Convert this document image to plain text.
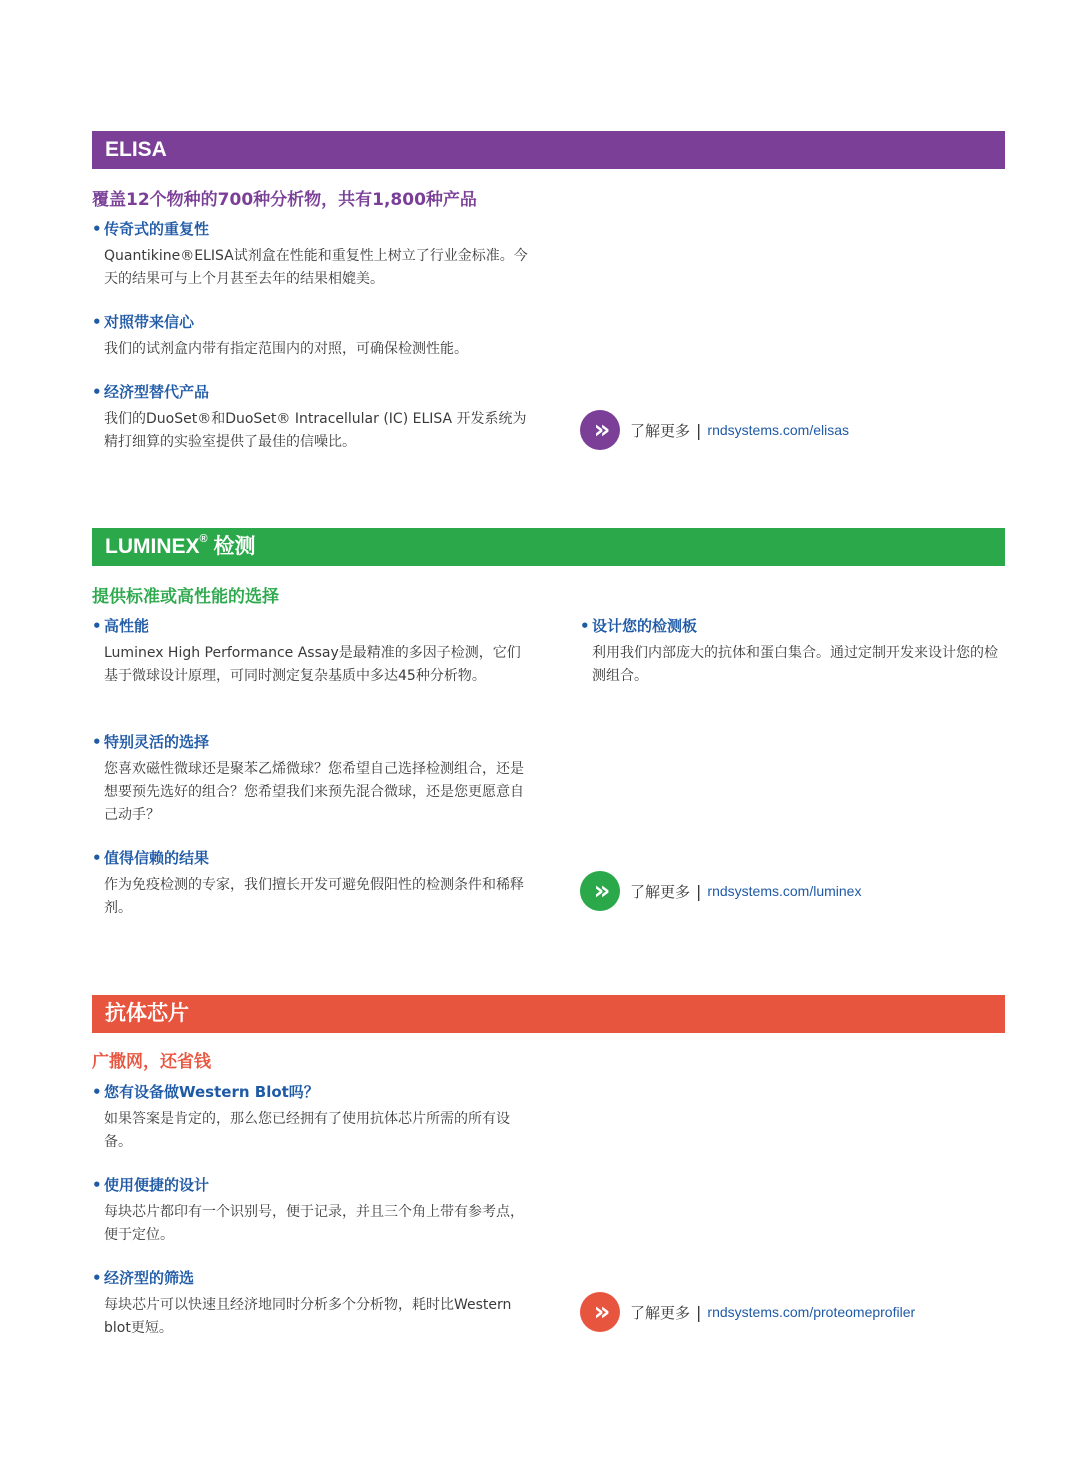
ELISA
覆盖12个物种的700种分析物，共有1,800种产品
• 传奇式的重复性
Quantikine®ELISA试剂盒在性能和重复性上树立了行业金标准。今天的结果可与上个月甚至去年的结果相媲美。
• 对照带来信心
我们的试剂盒内带有指定范围内的对照，可确保检测性能。
• 经济型替代产品
我们的DuoSet®和DuoSet® Intracellular (IC) ELISA 开发系统为精打细算的实验室提供了最佳的信噪比。	»	了解更多 | rndsystems.com/elisas
LUMINEX® 检测
提供标准或高性能的选择
• 高性能
Luminex High Performance Assay是最精准的多因子检测，它们基于微球设计原理，可同时测定复杂基质中多达45种分析物。
• 特别灵活的选择
您喜欢磁性微球还是聚苯乙烯微球？您希望自己选择检测组合，还是想要预先选好的组合？您希望我们来预先混合微球，还是您更愿意自己动手？
• 值得信赖的结果
作为免疫检测的专家，我们擅长开发可避免假阳性的检测条件和稀释剂。
• 设计您的检测板
利用我们内部庞大的抗体和蛋白集合。通过定制开发来设计您的检测组合。
»	了解更多 | rndsystems.com/luminex
抗体芯片
广撒网，还省钱
• 您有设备做Western Blot吗？
如果答案是肯定的，那么您已经拥有了使用抗体芯片所需的所有设备。
• 使用便捷的设计
每块芯片都印有一个识别号，便于记录，并且三个角上带有参考点，便于定位。
• 经济型的筛选
每块芯片可以快速且经济地同时分析多个分析物，耗时比Western blot更短。
»	了解更多 | rndsystems.com/proteomeprofiler
